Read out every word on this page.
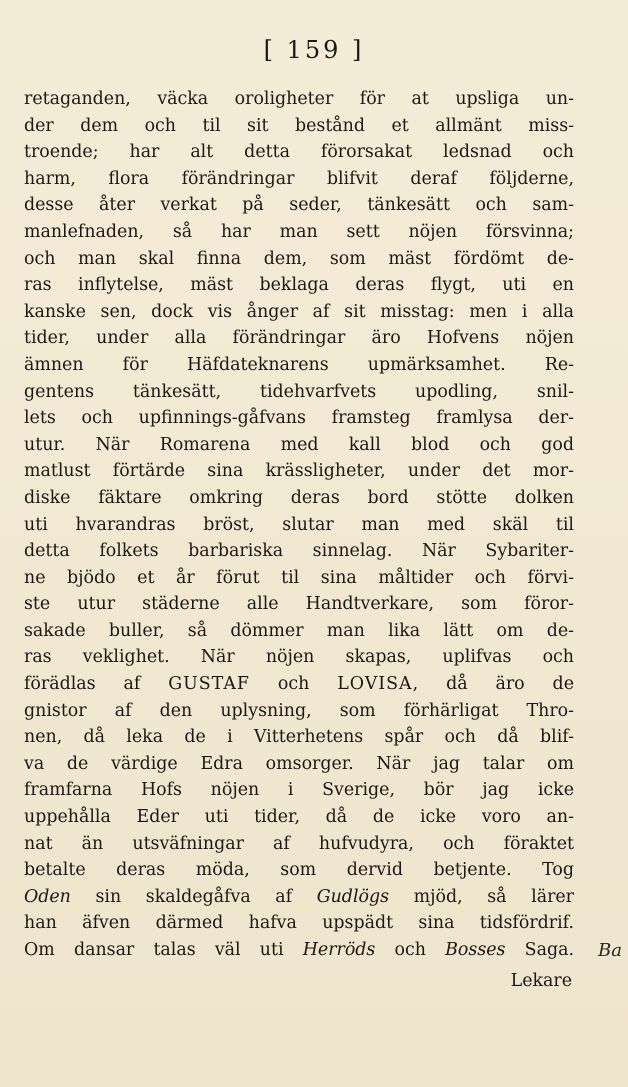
[ 159 ]
retaganden, väcka oroligheter för at upsliga un-
der dem och til sit bestånd et allmänt miss-
troende; har alt detta förorsakat ledsnad och
harm, flora förändringar blifvit deraf följderne,
desse åter verkat på seder, tänkesätt och sam-
manlefnaden, så har man sett nöjen försvinna;
och man skal finna dem, som mäst fördömt de-
ras inflytelse, mäst beklaga deras flygt, uti en
kanske sen, dock vis ånger af sit misstag: men i alla
tider, under alla förändringar äro Hofvens nöjen
ämnen för Häfdateknarens upmärksamhet. Re-
gentens tänkesätt, tidehvarfvets upodling, snil-
lets och upfinnings-gåfvans framsteg framlysa der-
utur. När Romarena med kall blod och god
matlust förtärde sina krässligheter, under det mor-
diske fäktare omkring deras bord stötte dolken
uti hvarandras bröst, slutar man med skäl til
detta folkets barbariska sinnelag. När Sybariter-
ne bjödo et år förut til sina måltider och förvi-
ste utur städerne alle Handtverkare, som föror-
sakade buller, så dömmer man lika lätt om de-
ras veklighet. När nöjen skapas, uplifvas och
förädlas af GUSTAF och LOVISA, då äro de
gnistor af den uplysning, som förhärligat Thro-
nen, då leka de i Vitterhetens spår och då blif-
va de värdige Edra omsorger. När jag talar om
framfarna Hofs nöjen i Sverige, bör jag icke
uppehålla Eder uti tider, då de icke voro an-
nat än utsväfningar af hufvudyra, och föraktet
betalte deras möda, som dervid betjente. Tog
Oden sin skaldegåfva af Gudlögs mjöd, så lärer
han äfven därmed hafva upspädt sina tidsfördrif.
Om dansar talas väl uti Herröds och Bosses Saga.
Lekare
Ba
